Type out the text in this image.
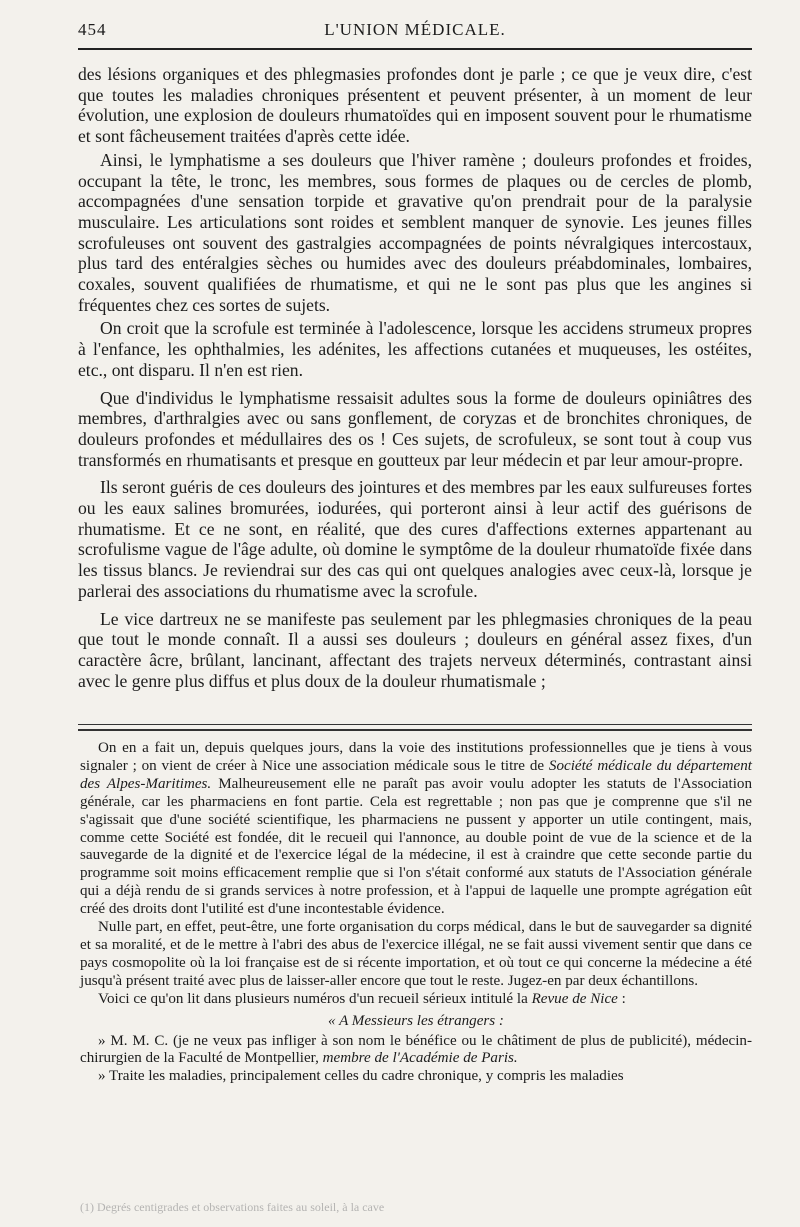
454	L'UNION MÉDICALE.

des lésions organiques et des phlegmasies profondes dont je parle ; ce que je veux dire, c'est que toutes les maladies chroniques présentent et peuvent présenter, à un moment de leur évolution, une explosion de douleurs rhumatoïdes qui en imposent souvent pour le rhumatisme et sont fâcheusement traitées d'après cette idée.

Ainsi, le lymphatisme a ses douleurs que l'hiver ramène ; douleurs profondes et froides, occupant la tête, le tronc, les membres, sous formes de plaques ou de cercles de plomb, accompagnées d'une sensation torpide et gravative qu'on prendrait pour de la paralysie musculaire. Les articulations sont roides et semblent manquer de synovie. Les jeunes filles scrofuleuses ont souvent des gastralgies accompagnées de points névralgiques intercostaux, plus tard des entéralgies sèches ou humides avec des douleurs préabdominales, lombaires, coxales, souvent qualifiées de rhumatisme, et qui ne le sont pas plus que les angines si fréquentes chez ces sortes de sujets.

On croit que la scrofule est terminée à l'adolescence, lorsque les accidens strumeux propres à l'enfance, les ophthalmies, les adénites, les affections cutanées et muqueuses, les ostéites, etc., ont disparu. Il n'en est rien.

Que d'individus le lymphatisme ressaisit adultes sous la forme de douleurs opiniâtres des membres, d'arthralgies avec ou sans gonflement, de coryzas et de bronchites chroniques, de douleurs profondes et médullaires des os ! Ces sujets, de scrofuleux, se sont tout à coup vus transformés en rhumatisants et presque en goutteux par leur médecin et par leur amour-propre.

Ils seront guéris de ces douleurs des jointures et des membres par les eaux sulfureuses fortes ou les eaux salines bromurées, iodurées, qui porteront ainsi à leur actif des guérisons de rhumatisme. Et ce ne sont, en réalité, que des cures d'affections externes appartenant au scrofulisme vague de l'âge adulte, où domine le symptôme de la douleur rhumatoïde fixée dans les tissus blancs. Je reviendrai sur des cas qui ont quelques analogies avec ceux-là, lorsque je parlerai des associations du rhumatisme avec la scrofule.

Le vice dartreux ne se manifeste pas seulement par les phlegmasies chroniques de la peau que tout le monde connaît. Il a aussi ses douleurs ; douleurs en général assez fixes, d'un caractère âcre, brûlant, lancinant, affectant des trajets nerveux déterminés, contrastant ainsi avec le genre plus diffus et plus doux de la douleur rhumatismale ;

On en a fait un, depuis quelques jours, dans la voie des institutions professionnelles que je tiens à vous signaler ; on vient de créer à Nice une association médicale sous le titre de Société médicale du département des Alpes-Maritimes. Malheureusement elle ne paraît pas avoir voulu adopter les statuts de l'Association générale, car les pharmaciens en font partie. Cela est regrettable ; non pas que je comprenne que s'il ne s'agissait que d'une société scientifique, les pharmaciens ne pussent y apporter un utile contingent, mais, comme cette Société est fondée, dit le recueil qui l'annonce, au double point de vue de la science et de la sauvegarde de la dignité et de l'exercice légal de la médecine, il est à craindre que cette seconde partie du programme soit moins efficacement remplie que si l'on s'était conformé aux statuts de l'Association générale qui a déjà rendu de si grands services à notre profession, et à l'appui de laquelle une prompte agrégation eût créé des droits dont l'utilité est d'une incontestable évidence.

Nulle part, en effet, peut-être, une forte organisation du corps médical, dans le but de sauvegarder sa dignité et sa moralité, et de le mettre à l'abri des abus de l'exercice illégal, ne se fait aussi vivement sentir que dans ce pays cosmopolite où la loi française est de si récente importation, et où tout ce qui concerne la médecine a été jusqu'à présent traité avec plus de laisser-aller encore que tout le reste. Jugez-en par deux échantillons.

Voici ce qu'on lit dans plusieurs numéros d'un recueil sérieux intitulé la Revue de Nice :

« A Messieurs les étrangers :

» M. M. C. (je ne veux pas infliger à son nom le bénéfice ou le châtiment de plus de publicité), médecin-chirurgien de la Faculté de Montpellier, membre de l'Académie de Paris.

» Traite les maladies, principalement celles du cadre chronique, y compris les maladies

(1) Degrés centigrades et observations faites au soleil, à la cave
